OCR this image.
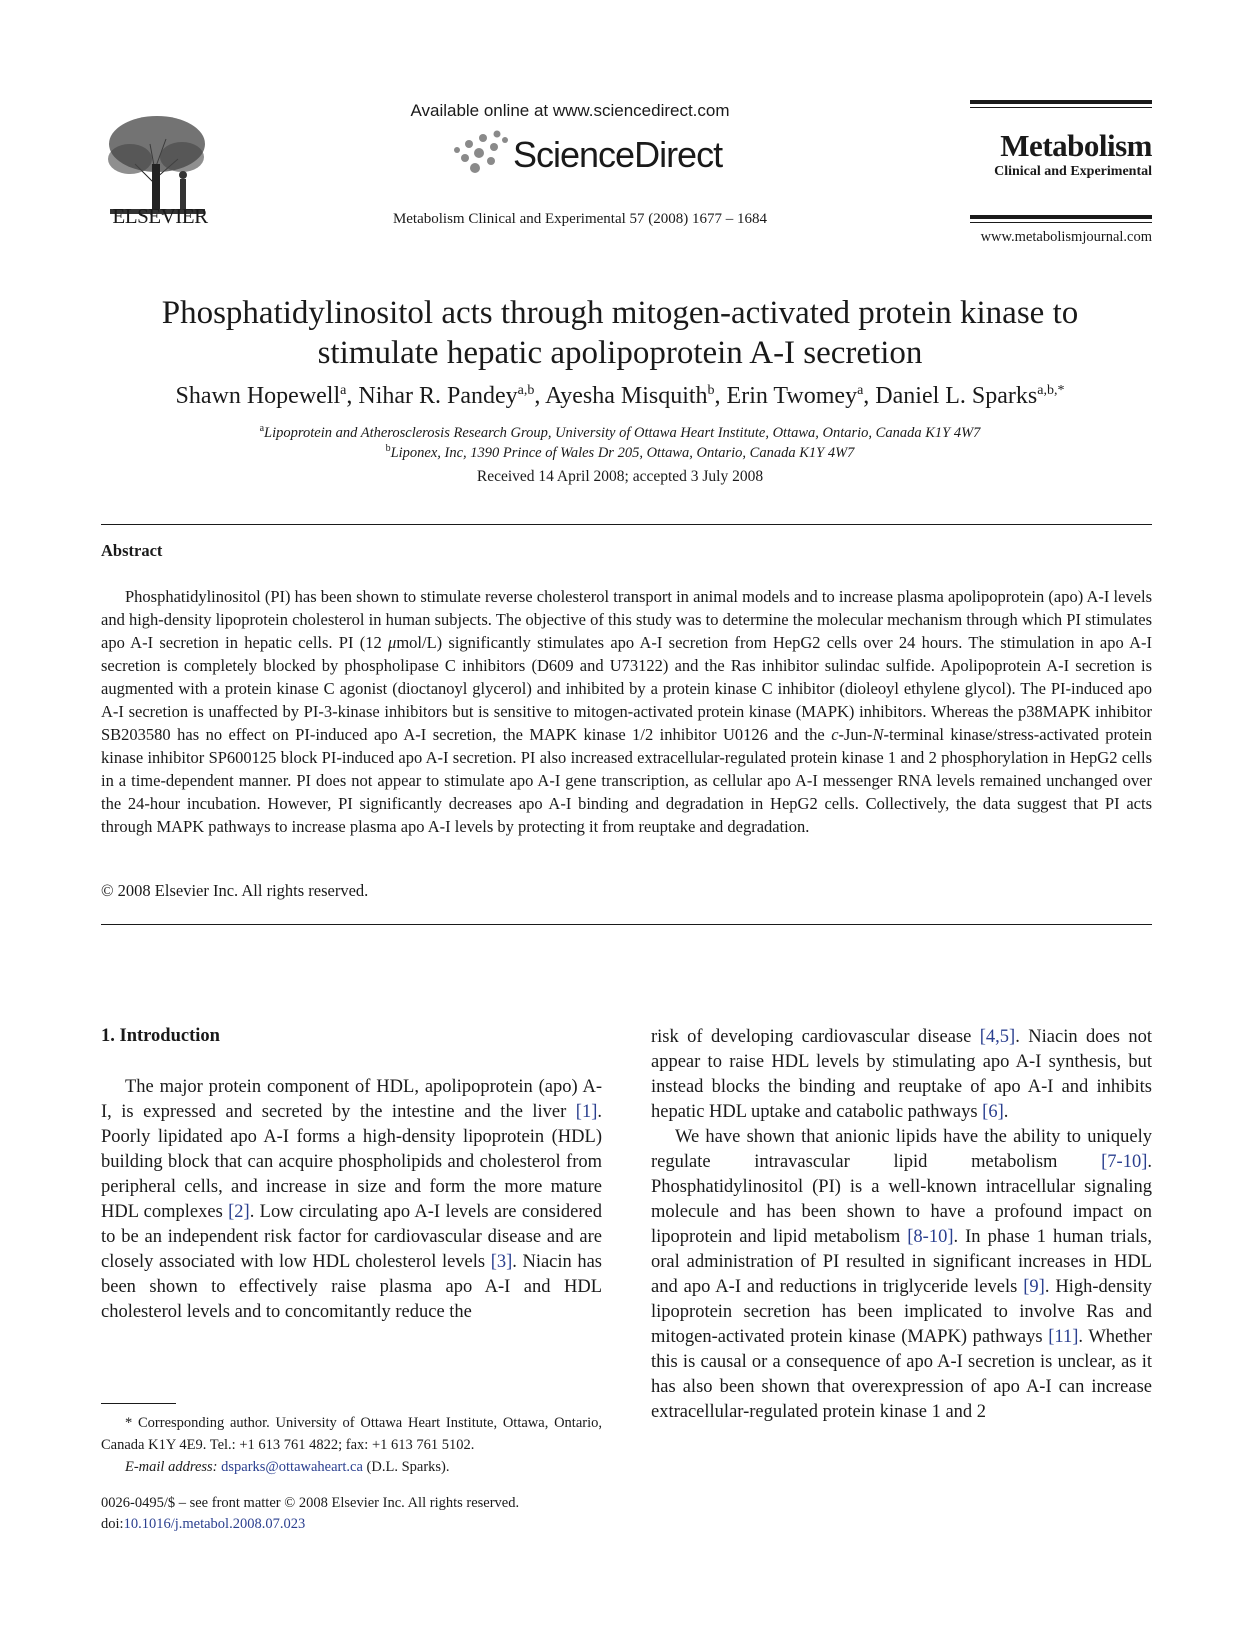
ELSEVIER
Available online at www.sciencedirect.com
ScienceDirect
Metabolism Clinical and Experimental 57 (2008) 1677 – 1684
Metabolism
Clinical and Experimental
www.metabolismjournal.com
Phosphatidylinositol acts through mitogen-activated protein kinase to
stimulate hepatic apolipoprotein A-I secretion
Shawn Hopewell$^a$, Nihar R. Pandey$^{a,b}$, Ayesha Misquith$^b$, Erin Twomey$^a$, Daniel L. Sparks$^{a,b,*}$
$^a$Lipoprotein and Atherosclerosis Research Group, University of Ottawa Heart Institute, Ottawa, Ontario, Canada K1Y 4W7
$^b$Liponex, Inc, 1390 Prince of Wales Dr 205, Ottawa, Ontario, Canada K1Y 4W7
Received 14 April 2008; accepted 3 July 2008
Abstract

Phosphatidylinositol (PI) has been shown to stimulate reverse cholesterol transport in animal models and to increase plasma apolipoprotein (apo) A-I levels and high-density lipoprotein cholesterol in human subjects. The objective of this study was to determine the molecular mechanism through which PI stimulates apo A-I secretion in hepatic cells. PI (12 μmol/L) significantly stimulates apo A-I secretion from HepG2 cells over 24 hours. The stimulation in apo A-I secretion is completely blocked by phospholipase C inhibitors (D609 and U73122) and the Ras inhibitor sulindac sulfide. Apolipoprotein A-I secretion is augmented with a protein kinase C agonist (dioctanoyl glycerol) and inhibited by a protein kinase C inhibitor (dioleoyl ethylene glycol). The PI-induced apo A-I secretion is unaffected by PI-3-kinase inhibitors but is sensitive to mitogen-activated protein kinase (MAPK) inhibitors. Whereas the p38MAPK inhibitor SB203580 has no effect on PI-induced apo A-I secretion, the MAPK kinase 1/2 inhibitor U0126 and the c-Jun-N-terminal kinase/stress-activated protein kinase inhibitor SP600125 block PI-induced apo A-I secretion. PI also increased extracellular-regulated protein kinase 1 and 2 phosphorylation in HepG2 cells in a time-dependent manner. PI does not appear to stimulate apo A-I gene transcription, as cellular apo A-I messenger RNA levels remained unchanged over the 24-hour incubation. However, PI significantly decreases apo A-I binding and degradation in HepG2 cells. Collectively, the data suggest that PI acts through MAPK pathways to increase plasma apo A-I levels by protecting it from reuptake and degradation.

© 2008 Elsevier Inc. All rights reserved.
1. Introduction

The major protein component of HDL, apolipoprotein (apo) A-I, is expressed and secreted by the intestine and the liver [1]. Poorly lipidated apo A-I forms a high-density lipoprotein (HDL) building block that can acquire phospholipids and cholesterol from peripheral cells, and increase in size and form the more mature HDL complexes [2]. Low circulating apo A-I levels are considered to be an independent risk factor for cardiovascular disease and are closely associated with low HDL cholesterol levels [3]. Niacin has been shown to effectively raise plasma apo A-I and HDL cholesterol levels and to concomitantly reduce the

risk of developing cardiovascular disease [4,5]. Niacin does not appear to raise HDL levels by stimulating apo A-I synthesis, but instead blocks the binding and reuptake of apo A-I and inhibits hepatic HDL uptake and catabolic pathways [6].

We have shown that anionic lipids have the ability to uniquely regulate intravascular lipid metabolism [7-10]. Phosphatidylinositol (PI) is a well-known intracellular signaling molecule and has been shown to have a profound impact on lipoprotein and lipid metabolism [8-10]. In phase 1 human trials, oral administration of PI resulted in significant increases in HDL and apo A-I and reductions in triglyceride levels [9]. High-density lipoprotein secretion has been implicated to involve Ras and mitogen-activated protein kinase (MAPK) pathways [11]. Whether this is causal or a consequence of apo A-I secretion is unclear, as it has also been shown that overexpression of apo A-I can increase extracellular-regulated protein kinase 1 and 2

* Corresponding author. University of Ottawa Heart Institute, Ottawa, Ontario, Canada K1Y 4E9. Tel.: +1 613 761 4822; fax: +1 613 761 5102.
E-mail address: dsparks@ottawaheart.ca (D.L. Sparks).
0026-0495/$ – see front matter © 2008 Elsevier Inc. All rights reserved.
doi:10.1016/j.metabol.2008.07.023
